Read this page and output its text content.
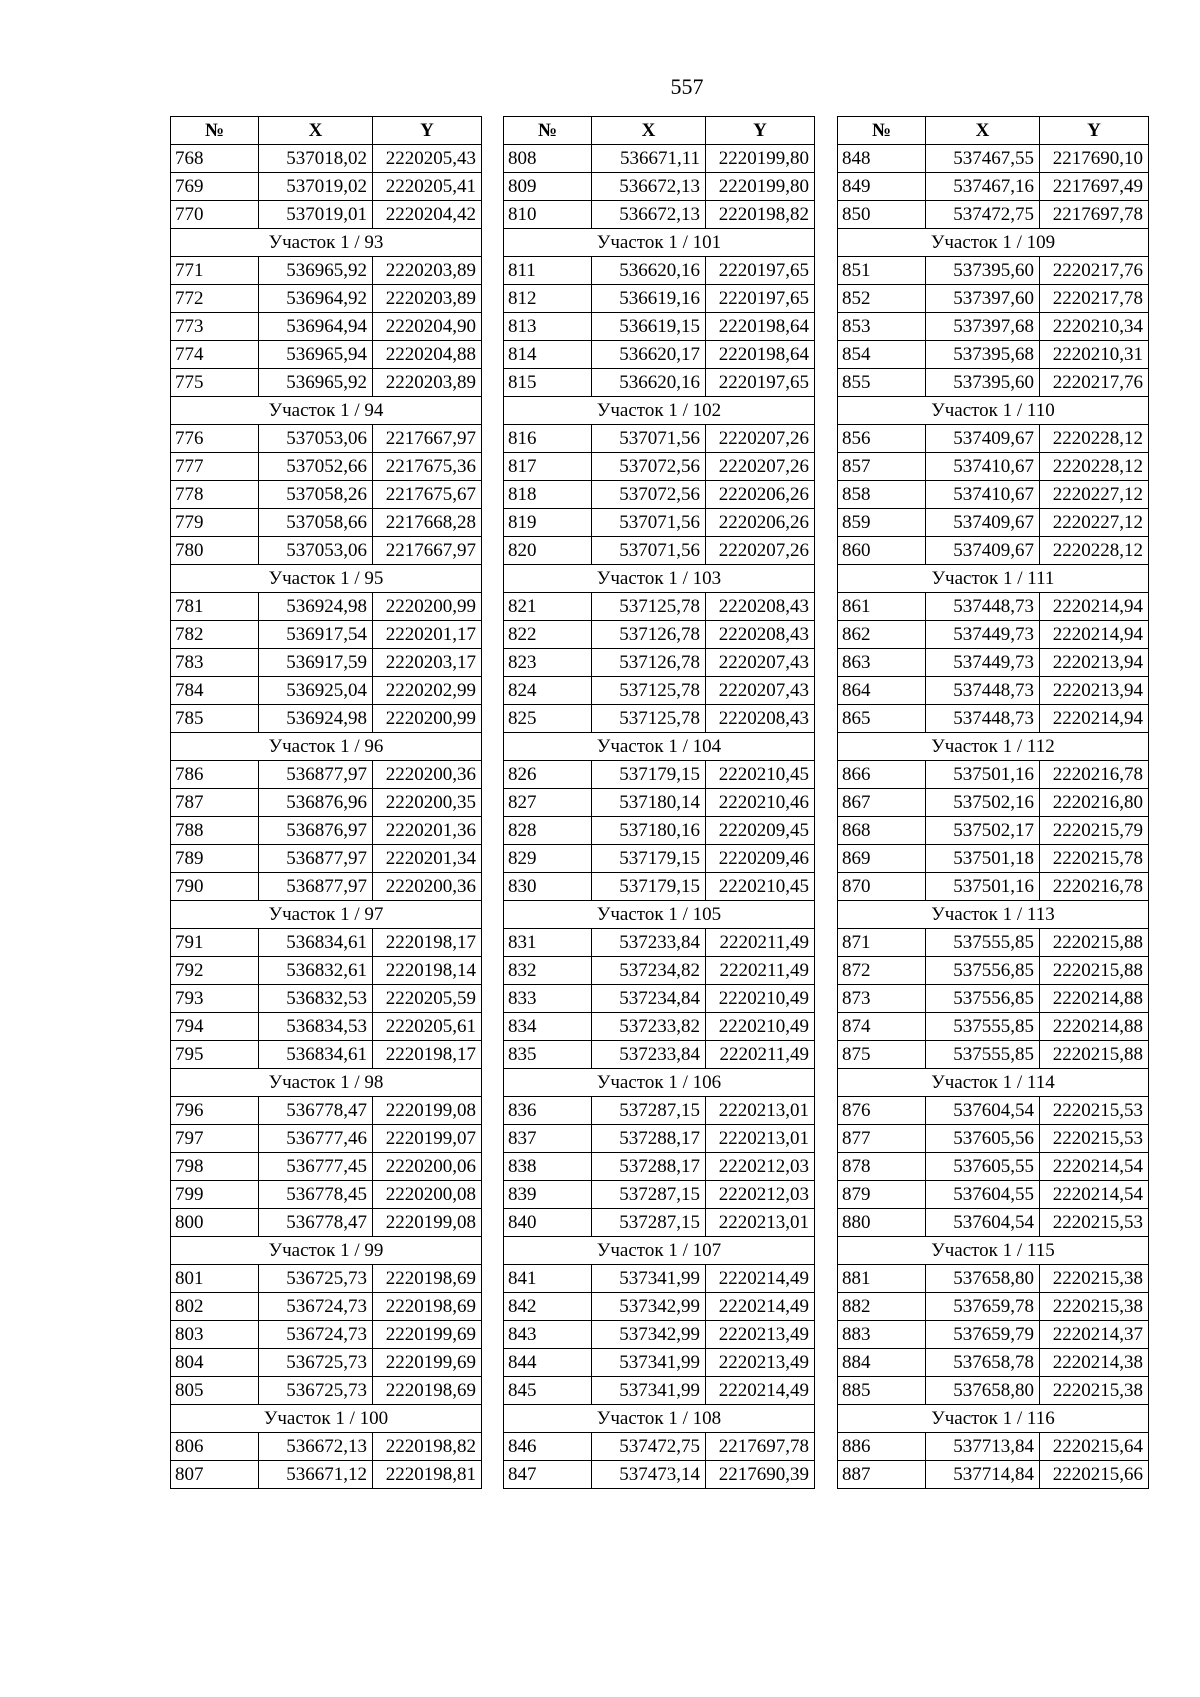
557
№	X	Y
768	537018,02	2220205,43
769	537019,02	2220205,41
770	537019,01	2220204,42
Участок 1 / 93		
771	536965,92	2220203,89
772	536964,92	2220203,89
773	536964,94	2220204,90
774	536965,94	2220204,88
775	536965,92	2220203,89
Участок 1 / 94		
776	537053,06	2217667,97
777	537052,66	2217675,36
778	537058,26	2217675,67
779	537058,66	2217668,28
780	537053,06	2217667,97
Участок 1 / 95		
781	536924,98	2220200,99
782	536917,54	2220201,17
783	536917,59	2220203,17
784	536925,04	2220202,99
785	536924,98	2220200,99
Участок 1 / 96		
786	536877,97	2220200,36
787	536876,96	2220200,35
788	536876,97	2220201,36
789	536877,97	2220201,34
790	536877,97	2220200,36
Участок 1 / 97		
791	536834,61	2220198,17
792	536832,61	2220198,14
793	536832,53	2220205,59
794	536834,53	2220205,61
795	536834,61	2220198,17
Участок 1 / 98		
796	536778,47	2220199,08
797	536777,46	2220199,07
798	536777,45	2220200,06
799	536778,45	2220200,08
800	536778,47	2220199,08
Участок 1 / 99		
801	536725,73	2220198,69
802	536724,73	2220198,69
803	536724,73	2220199,69
804	536725,73	2220199,69
805	536725,73	2220198,69
Участок 1 / 100		
806	536672,13	2220198,82
807	536671,12	2220198,81
№	X	Y
808	536671,11	2220199,80
809	536672,13	2220199,80
810	536672,13	2220198,82
Участок 1 / 101		
811	536620,16	2220197,65
812	536619,16	2220197,65
813	536619,15	2220198,64
814	536620,17	2220198,64
815	536620,16	2220197,65
Участок 1 / 102		
816	537071,56	2220207,26
817	537072,56	2220207,26
818	537072,56	2220206,26
819	537071,56	2220206,26
820	537071,56	2220207,26
Участок 1 / 103		
821	537125,78	2220208,43
822	537126,78	2220208,43
823	537126,78	2220207,43
824	537125,78	2220207,43
825	537125,78	2220208,43
Участок 1 / 104		
826	537179,15	2220210,45
827	537180,14	2220210,46
828	537180,16	2220209,45
829	537179,15	2220209,46
830	537179,15	2220210,45
Участок 1 / 105		
831	537233,84	2220211,49
832	537234,82	2220211,49
833	537234,84	2220210,49
834	537233,82	2220210,49
835	537233,84	2220211,49
Участок 1 / 106		
836	537287,15	2220213,01
837	537288,17	2220213,01
838	537288,17	2220212,03
839	537287,15	2220212,03
840	537287,15	2220213,01
Участок 1 / 107		
841	537341,99	2220214,49
842	537342,99	2220214,49
843	537342,99	2220213,49
844	537341,99	2220213,49
845	537341,99	2220214,49
Участок 1 / 108		
846	537472,75	2217697,78
847	537473,14	2217690,39
№	X	Y
848	537467,55	2217690,10
849	537467,16	2217697,49
850	537472,75	2217697,78
Участок 1 / 109		
851	537395,60	2220217,76
852	537397,60	2220217,78
853	537397,68	2220210,34
854	537395,68	2220210,31
855	537395,60	2220217,76
Участок 1 / 110		
856	537409,67	2220228,12
857	537410,67	2220228,12
858	537410,67	2220227,12
859	537409,67	2220227,12
860	537409,67	2220228,12
Участок 1 / 111		
861	537448,73	2220214,94
862	537449,73	2220214,94
863	537449,73	2220213,94
864	537448,73	2220213,94
865	537448,73	2220214,94
Участок 1 / 112		
866	537501,16	2220216,78
867	537502,16	2220216,80
868	537502,17	2220215,79
869	537501,18	2220215,78
870	537501,16	2220216,78
Участок 1 / 113		
871	537555,85	2220215,88
872	537556,85	2220215,88
873	537556,85	2220214,88
874	537555,85	2220214,88
875	537555,85	2220215,88
Участок 1 / 114		
876	537604,54	2220215,53
877	537605,56	2220215,53
878	537605,55	2220214,54
879	537604,55	2220214,54
880	537604,54	2220215,53
Участок 1 / 115		
881	537658,80	2220215,38
882	537659,78	2220215,38
883	537659,79	2220214,37
884	537658,78	2220214,38
885	537658,80	2220215,38
Участок 1 / 116		
886	537713,84	2220215,64
887	537714,84	2220215,66
